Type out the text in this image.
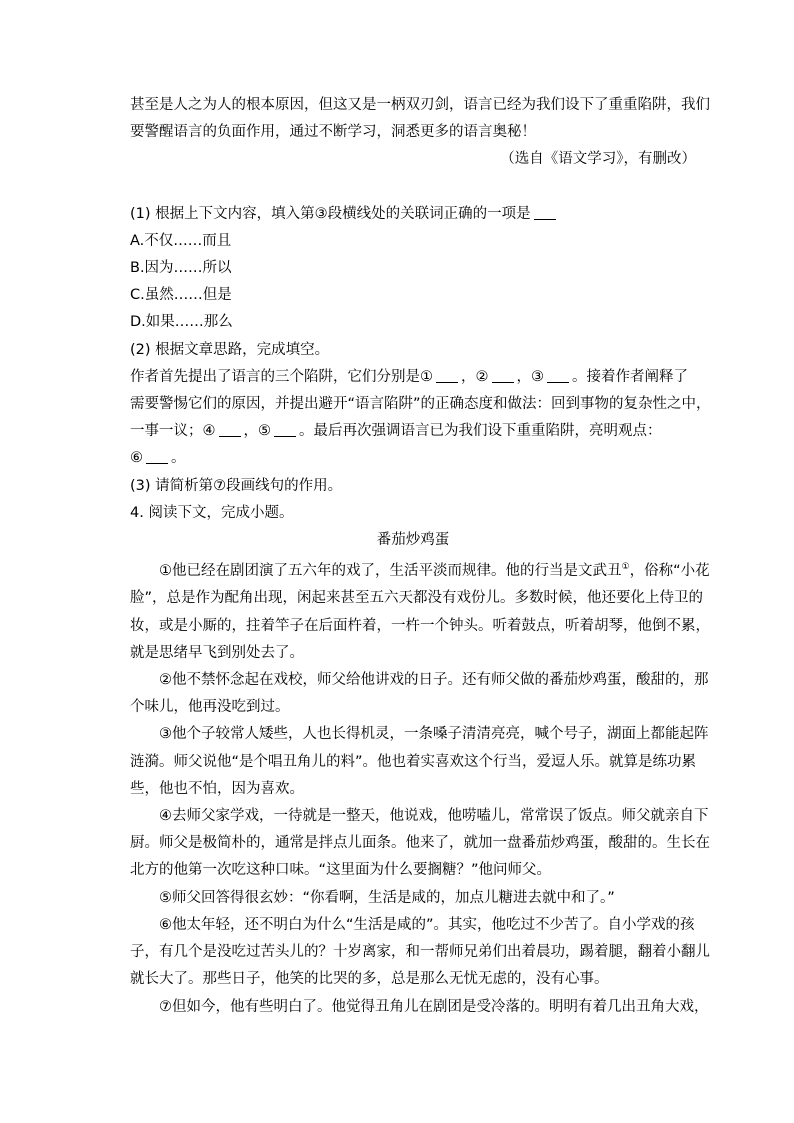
甚至是人之为人的根本原因，但这又是一柄双刃剑，语言已经为我们设下了重重陷阱，我们
要警醒语言的负面作用，通过不断学习，洞悉更多的语言奥秘！
（选自《语文学习》，有删改）
(1) 根据上下文内容，填入第③段横线处的关联词正确的一项是
A.不仅……而且
B.因为……所以
C.虽然……但是
D.如果……那么
(2) 根据文章思路，完成填空。
作者首先提出了语言的三个陷阱，它们分别是① ，② ，③ 。接着作者阐释了
需要警惕它们的原因，并提出避开“语言陷阱”的正确态度和做法：回到事物的复杂性之中，
一事一议；④ ，⑤ 。最后再次强调语言已为我们设下重重陷阱，亮明观点：
⑥ 。
(3) 请简析第⑦段画线句的作用。
4. 阅读下文，完成小题。
番茄炒鸡蛋
①他已经在剧团演了五六年的戏了，生活平淡而规律。他的行当是文武丑①，俗称“小花
脸”，总是作为配角出现，闲起来甚至五六天都没有戏份儿。多数时候，他还要化上侍卫的
妆，或是小厮的，拄着竿子在后面杵着，一杵一个钟头。听着鼓点，听着胡琴，他倒不累，
就是思绪早飞到别处去了。
②他不禁怀念起在戏校，师父给他讲戏的日子。还有师父做的番茄炒鸡蛋，酸甜的，那
个味儿，他再没吃到过。
③他个子较常人矮些，人也长得机灵，一条嗓子清清亮亮，喊个号子，湖面上都能起阵
涟漪。师父说他“是个唱丑角儿的料”。他也着实喜欢这个行当，爱逗人乐。就算是练功累
些，他也不怕，因为喜欢。
④去师父家学戏，一待就是一整天，他说戏，他唠嗑儿，常常误了饭点。师父就亲自下
厨。师父是极简朴的，通常是拌点儿面条。他来了，就加一盘番茄炒鸡蛋，酸甜的。生长在
北方的他第一次吃这种口味。“这里面为什么要搁糖？”他问师父。
⑤师父回答得很玄妙：“你看啊，生活是咸的，加点儿糖进去就中和了。”
⑥他太年轻，还不明白为什么“生活是咸的”。其实，他吃过不少苦了。自小学戏的孩
子，有几个是没吃过苦头儿的？十岁离家，和一帮师兄弟们出着晨功，踢着腿，翻着小翻儿
就长大了。那些日子，他笑的比哭的多，总是那么无忧无虑的，没有心事。
⑦但如今，他有些明白了。他觉得丑角儿在剧团是受冷落的。明明有着几出丑角大戏，
